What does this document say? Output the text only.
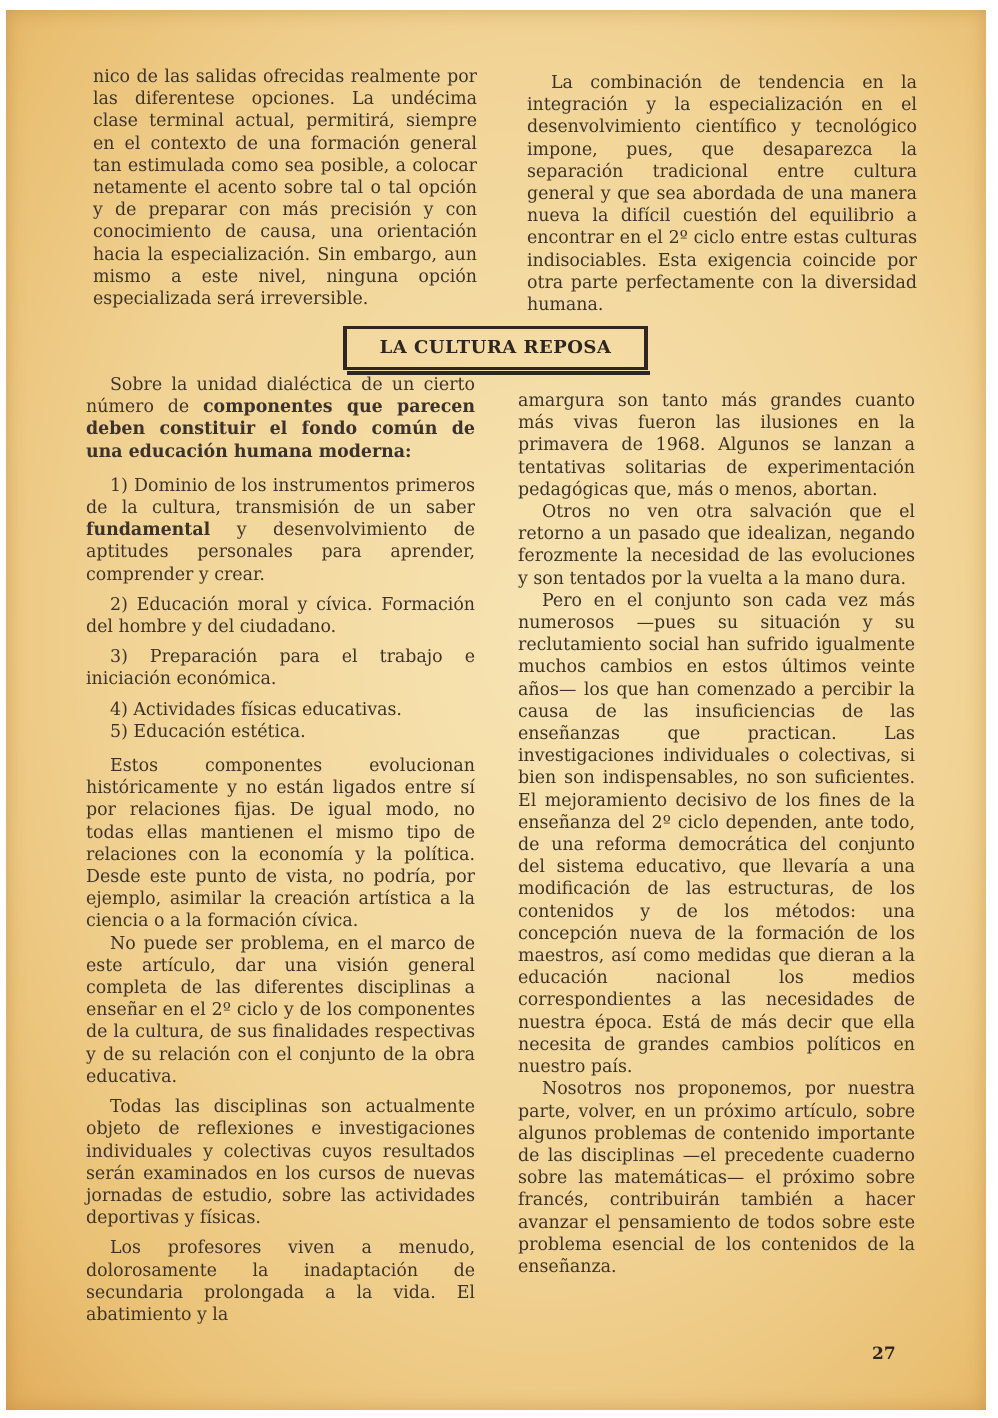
nico de las salidas ofrecidas realmente por las diferentese opciones. La undécima clase terminal actual, permitirá, siempre en el contexto de una formación general tan estimulada como sea posible, a colocar netamente el acento sobre tal o tal opción y de preparar con más precisión y con conocimiento de causa, una orientación hacia la especialización. Sin embargo, aun mismo a este nivel, ninguna opción especializada será irreversible.

La combinación de tendencia en la integración y la especialización en el desenvolvimiento científico y tecnológico impone, pues, que desaparezca la separación tradicional entre cultura general y que sea abordada de una manera nueva la difícil cuestión del equilibrio a encontrar en el 2º ciclo entre estas culturas indisociables. Esta exigencia coincide por otra parte perfectamente con la diversidad humana.

LA CULTURA REPOSA

Sobre la unidad dialéctica de un cierto número de componentes que parecen deben constituir el fondo común de una educación humana moderna:

1) Dominio de los instrumentos primeros de la cultura, transmisión de un saber fundamental y desenvolvimiento de aptitudes personales para aprender, comprender y crear.

2) Educación moral y cívica. Formación del hombre y del ciudadano.

3) Preparación para el trabajo e iniciación económica.

4) Actividades físicas educativas.

5) Educación estética.

Estos componentes evolucionan históricamente y no están ligados entre sí por relaciones fijas. De igual modo, no todas ellas mantienen el mismo tipo de relaciones con la economía y la política. Desde este punto de vista, no podría, por ejemplo, asimilar la creación artística a la ciencia o a la formación cívica.

No puede ser problema, en el marco de este artículo, dar una visión general completa de las diferentes disciplinas a enseñar en el 2º ciclo y de los componentes de la cultura, de sus finalidades respectivas y de su relación con el conjunto de la obra educativa.

Todas las disciplinas son actualmente objeto de reflexiones e investigaciones individuales y colectivas cuyos resultados serán examinados en los cursos de nuevas jornadas de estudio, sobre las actividades deportivas y físicas.

Los profesores viven a menudo, dolorosamente la inadaptación de secundaria prolongada a la vida. El abatimiento y la

amargura son tanto más grandes cuanto más vivas fueron las ilusiones en la primavera de 1968. Algunos se lanzan a tentativas solitarias de experimentación pedagógicas que, más o menos, abortan.

Otros no ven otra salvación que el retorno a un pasado que idealizan, negando ferozmente la necesidad de las evoluciones y son tentados por la vuelta a la mano dura.

Pero en el conjunto son cada vez más numerosos —pues su situación y su reclutamiento social han sufrido igualmente muchos cambios en estos últimos veinte años— los que han comenzado a percibir la causa de las insuficiencias de las enseñanzas que practican. Las investigaciones individuales o colectivas, si bien son indispensables, no son suficientes. El mejoramiento decisivo de los fines de la enseñanza del 2º ciclo dependen, ante todo, de una reforma democrática del conjunto del sistema educativo, que llevaría a una modificación de las estructuras, de los contenidos y de los métodos: una concepción nueva de la formación de los maestros, así como medidas que dieran a la educación nacional los medios correspondientes a las necesidades de nuestra época. Está de más decir que ella necesita de grandes cambios políticos en nuestro país.

Nosotros nos proponemos, por nuestra parte, volver, en un próximo artículo, sobre algunos problemas de contenido importante de las disciplinas —el precedente cuaderno sobre las matemáticas— el próximo sobre francés, contribuirán también a hacer avanzar el pensamiento de todos sobre este problema esencial de los contenidos de la enseñanza.

27
